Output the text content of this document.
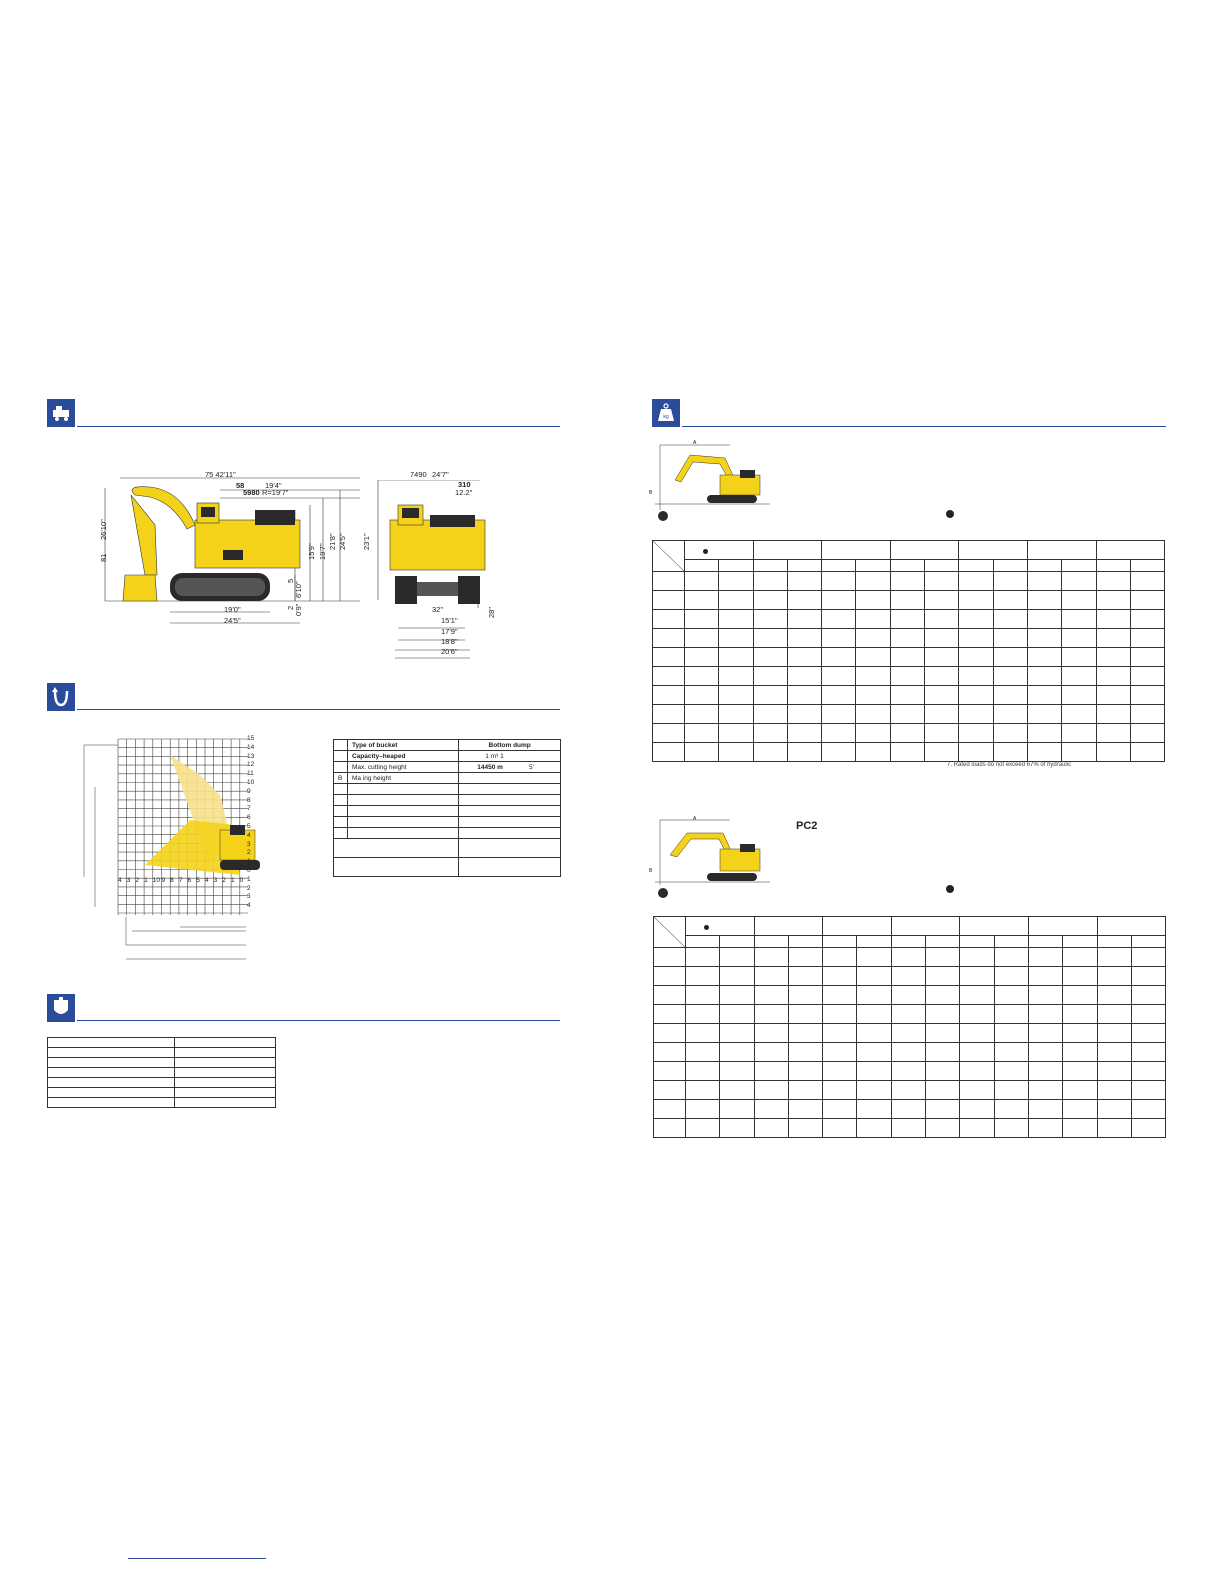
75 42'11"
58	19'4"
5980 R=19'7"
81
26'10"
15'9" 19'7"
21'8" 24'5"
5
6'10"
2 0'9"
19'0"
24'5"
7490 24'7"
310
12.2"
23'1"
32"	28"
15'1"
17'9"
18'8"
20'6"
15
14
13
12
11
10
9
8
7
6
5
4
3
2
1
0
1
2
3
4
4 3 2 1 109 8 7 6 5 4 3 2 1 0
	Type of bucket	Bottom dump
	Capacity–heaped	1 m³ 1
	Max. cutting height	14450 m 5'
B	Ma ing height	

kg
A
B

7. Rated loads do not exceed 67% of hydraulic
A
B
PC2
